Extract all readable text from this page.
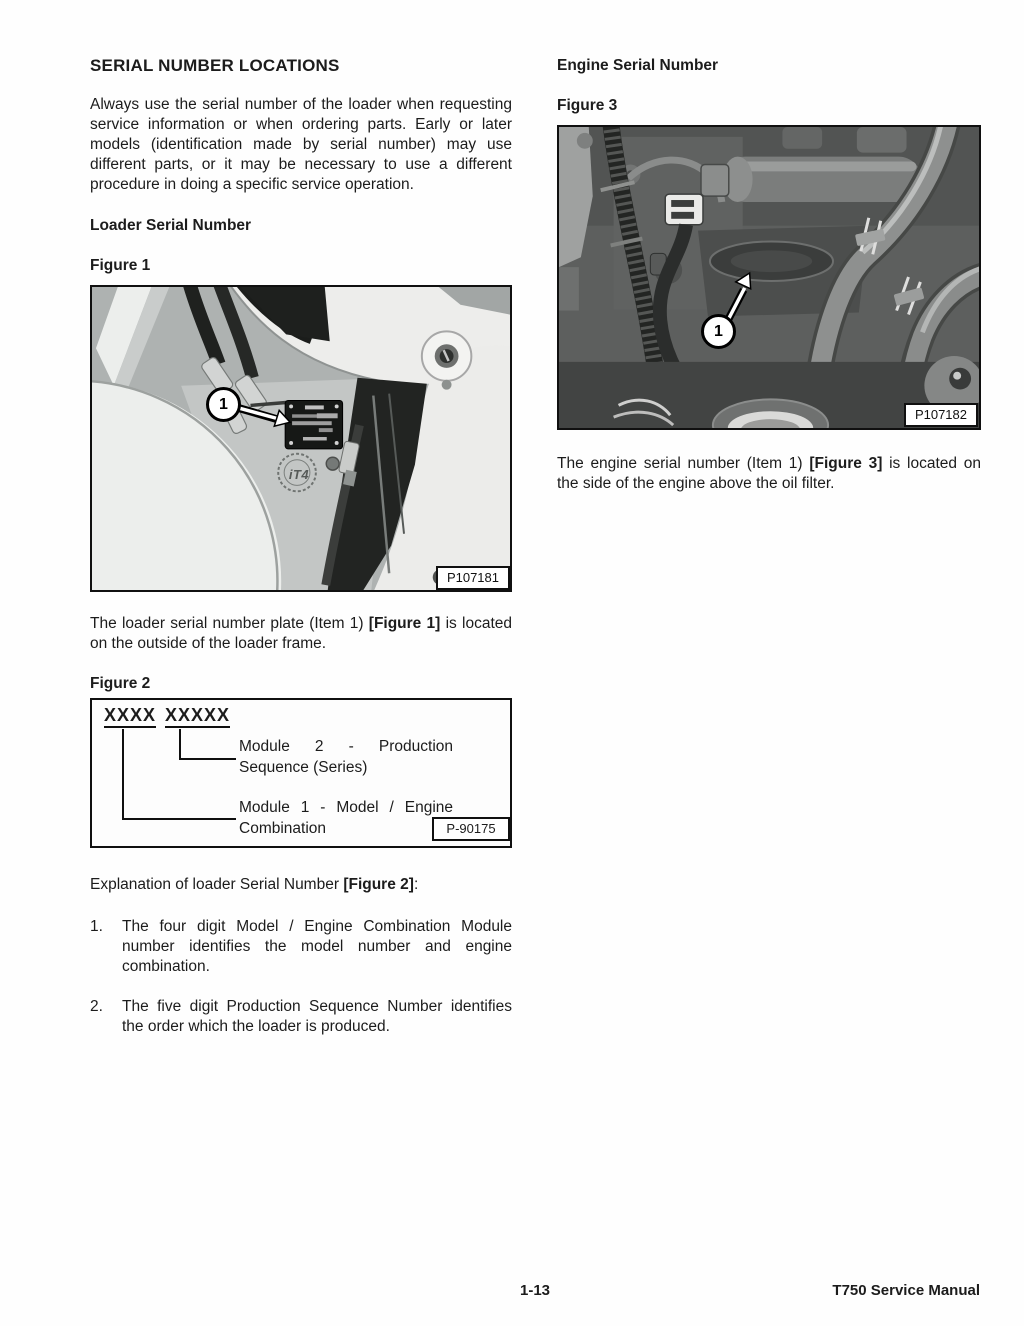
SERIAL NUMBER LOCATIONS

Always use the serial number of the loader when requesting service information or when ordering parts. Early or later models (identification made by serial number) may use different parts, or it may be necessary to use a different procedure in doing a specific service operation.

Loader Serial Number
Figure 1
1
iT4
P107181

The loader serial number plate (Item 1) [Figure 1] is located on the outside of the loader frame.

Figure 2
XXXX XXXXX
Module 2 - Production Sequence (Series)
Module 1 - Model / Engine Combination	P-90175

Explanation of loader Serial Number [Figure 2]:

1.	The four digit Model / Engine Combination Module number identifies the model number and engine combination.
2.	The five digit Production Sequence Number identifies the order which the loader is produced.
Engine Serial Number
Figure 3
1
P107182

The engine serial number (Item 1) [Figure 3] is located on the side of the engine above the oil filter.

1-13	T750 Service Manual
